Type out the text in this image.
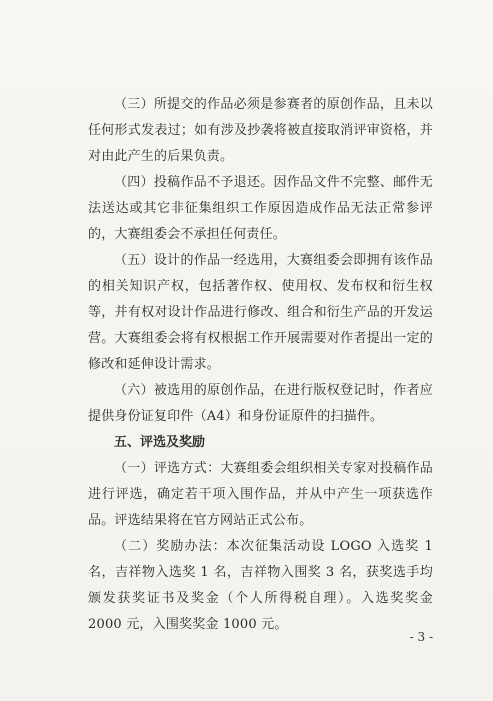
（三）所提交的作品必须是参赛者的原创作品，且未以任何形式发表过；如有涉及抄袭将被直接取消评审资格，并对由此产生的后果负责。

（四）投稿作品不予退还。因作品文件不完整、邮件无法送达或其它非征集组织工作原因造成作品无法正常参评的，大赛组委会不承担任何责任。

（五）设计的作品一经选用，大赛组委会即拥有该作品的相关知识产权，包括著作权、使用权、发布权和衍生权等，并有权对设计作品进行修改、组合和衍生产品的开发运营。大赛组委会将有权根据工作开展需要对作者提出一定的修改和延伸设计需求。

（六）被选用的原创作品，在进行版权登记时，作者应提供身份证复印件（A4）和身份证原件的扫描件。

五、评选及奖励

（一）评选方式：大赛组委会组织相关专家对投稿作品进行评选，确定若干项入围作品，并从中产生一项获选作品。评选结果将在官方网站正式公布。

（二）奖励办法：本次征集活动设 LOGO 入选奖 1 名，吉祥物入选奖 1 名，吉祥物入围奖 3 名，获奖选手均颁发获奖证书及奖金（个人所得税自理）。入选奖奖金 2000 元，入围奖奖金 1000 元。

- 3 -
